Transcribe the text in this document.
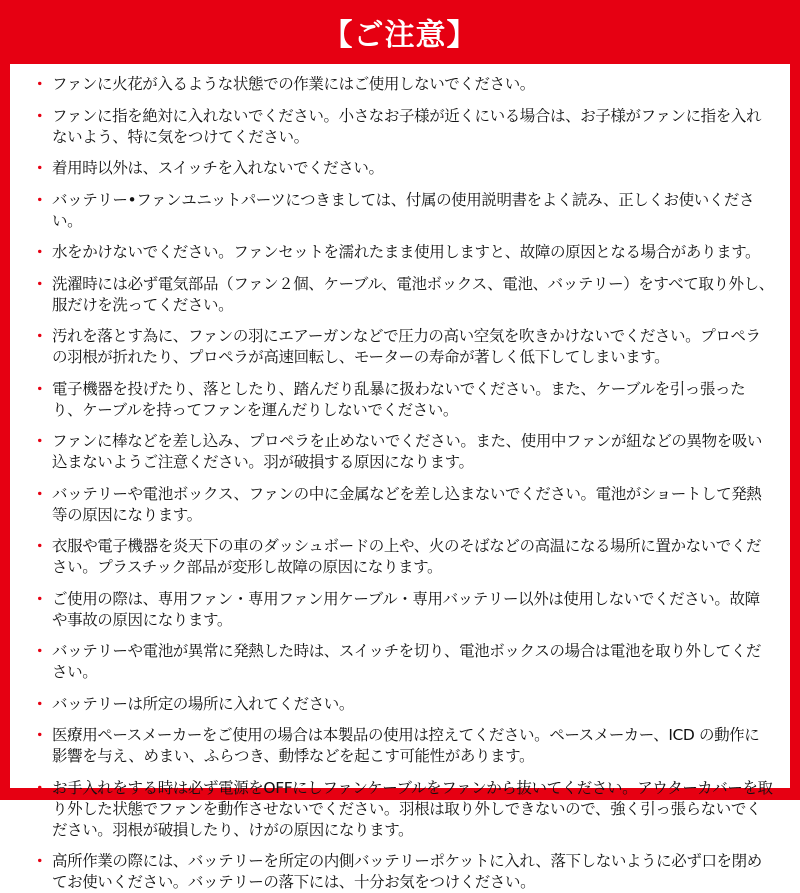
【ご注意】
・ ファンに火花が入るような状態での作業にはご使用しないでください。
・ ファンに指を絶対に入れないでください。小さなお子様が近くにいる場合は、お子様がファンに指を入れないよう、特に気をつけてください。
・ 着用時以外は、スイッチを入れないでください。
・ バッテリー•ファンユニットパーツにつきましては、付属の使用説明書をよく読み、正しくお使いください。
・ 水をかけないでください。ファンセットを濡れたまま使用しますと、故障の原因となる場合があります。
・ 洗濯時には必ず電気部品（ファン２個、ケーブル、電池ボックス、電池、バッテリー）をすべて取り外し、服だけを洗ってください。
・ 汚れを落とす為に、ファンの羽にエアーガンなどで圧力の高い空気を吹きかけないでください。プロペラの羽根が折れたり、プロペラが高速回転し、モーターの寿命が著しく低下してしまいます。
・ 電子機器を投げたり、落としたり、踏んだり乱暴に扱わないでください。また、ケーブルを引っ張ったり、ケーブルを持ってファンを運んだりしないでください。
・ ファンに棒などを差し込み、プロペラを止めないでください。また、使用中ファンが紐などの異物を吸い込まないようご注意ください。羽が破損する原因になります。
・ バッテリーや電池ボックス、ファンの中に金属などを差し込まないでください。電池がショートして発熱等の原因になります。
・ 衣服や電子機器を炎天下の車のダッシュボードの上や、火のそばなどの高温になる場所に置かないでください。プラスチック部品が変形し故障の原因になります。
・ ご使用の際は、専用ファン・専用ファン用ケーブル・専用バッテリー以外は使用しないでください。故障や事故の原因になります。
・ バッテリーや電池が異常に発熱した時は、スイッチを切り、電池ボックスの場合は電池を取り外してください。
・ バッテリーは所定の場所に入れてください。
・ 医療用ペースメーカーをご使用の場合は本製品の使用は控えてください。ペースメーカー、ICD の動作に影響を与え、めまい、ふらつき、動悸などを起こす可能性があります。
・ お手入れをする時は必ず電源をOFFにしファンケーブルをファンから抜いてください。アウターカバーを取り外した状態でファンを動作させないでください。羽根は取り外しできないので、強く引っ張らないでください。羽根が破損したり、けがの原因になります。
・ 高所作業の際には、バッテリーを所定の内側バッテリーポケットに入れ、落下しないように必ず口を閉めてお使いください。バッテリーの落下には、十分お気をつけください。
